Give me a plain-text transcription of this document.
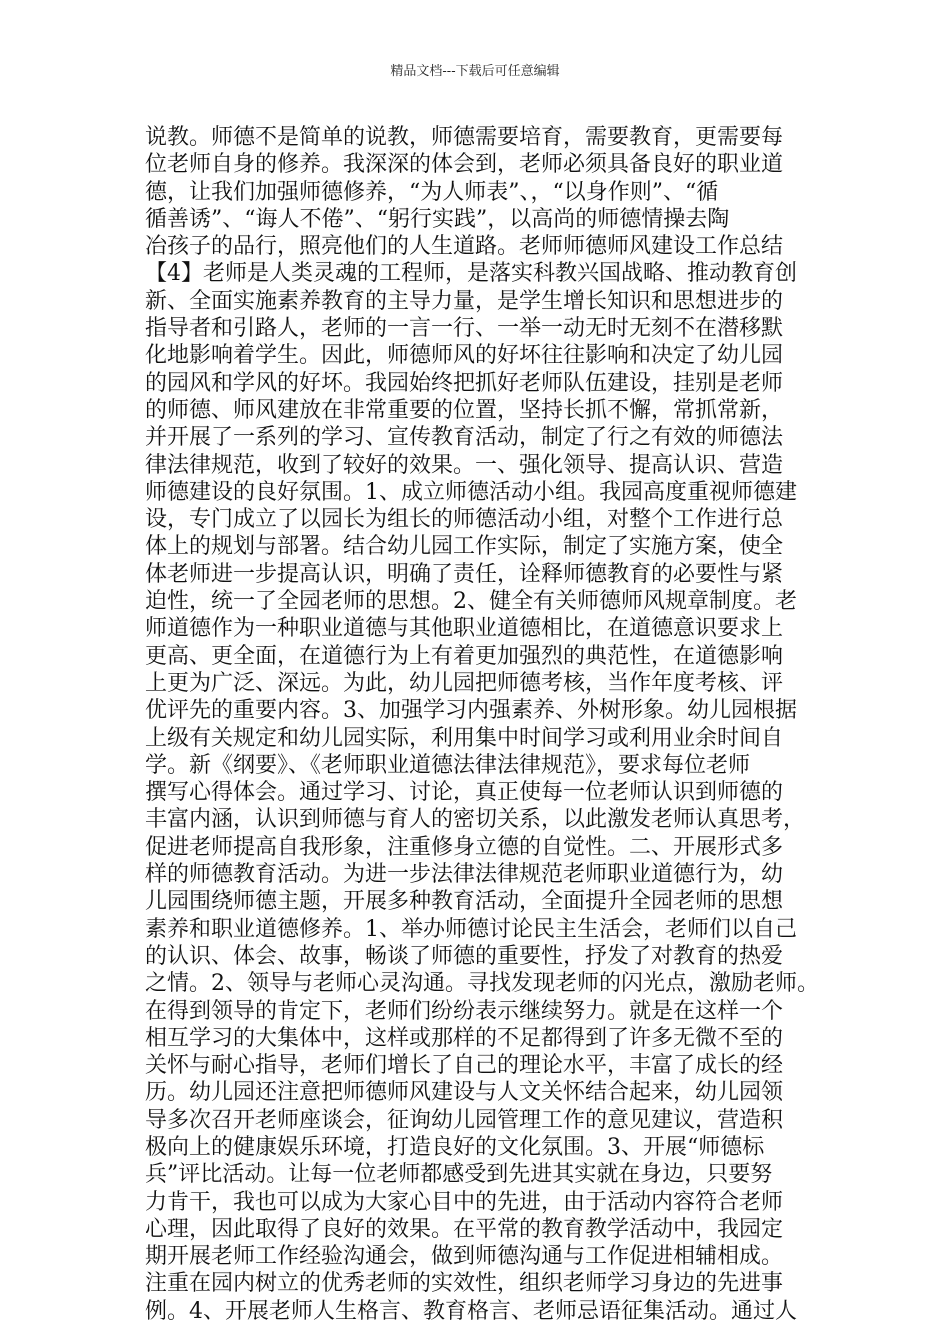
精品文档---下载后可任意编辑
说教。师德不是简单的说教，师德需要培育，需要教育，更需要每
位老师自身的修养。我深深的体会到，老师必须具备良好的职业道
德，让我们加强师德修养，“为人师表”、，“以身作则”、“循
循善诱”、“诲人不倦”、“躬行实践”，以高尚的师德情操去陶
冶孩子的品行，照亮他们的人生道路。老师师德师风建设工作总结
【4】老师是人类灵魂的工程师，是落实科教兴国战略、推动教育创
新、全面实施素养教育的主导力量，是学生增长知识和思想进步的
指导者和引路人，老师的一言一行、一举一动无时无刻不在潜移默
化地影响着学生。因此，师德师风的好坏往往影响和决定了幼儿园
的园风和学风的好坏。我园始终把抓好老师队伍建设，挂别是老师
的师德、师风建放在非常重要的位置，坚持长抓不懈，常抓常新，
并开展了一系列的学习、宣传教育活动，制定了行之有效的师德法
律法律规范，收到了较好的效果。一、强化领导、提高认识、营造
师德建设的良好氛围。1、成立师德活动小组。我园高度重视师德建
设，专门成立了以园长为组长的师德活动小组，对整个工作进行总
体上的规划与部署。结合幼儿园工作实际，制定了实施方案，使全
体老师进一步提高认识，明确了责任，诠释师德教育的必要性与紧
迫性，统一了全园老师的思想。2、健全有关师德师风规章制度。老
师道德作为一种职业道德与其他职业道德相比，在道德意识要求上
更高、更全面，在道德行为上有着更加强烈的典范性，在道德影响
上更为广泛、深远。为此，幼儿园把师德考核，当作年度考核、评
优评先的重要内容。3、加强学习内强素养、外树形象。幼儿园根据
上级有关规定和幼儿园实际，利用集中时间学习或利用业余时间自
学。新《纲要》、《老师职业道德法律法律规范》，要求每位老师
撰写心得体会。通过学习、讨论，真正使每一位老师认识到师德的
丰富内涵，认识到师德与育人的密切关系，以此激发老师认真思考，
促进老师提高自我形象，注重修身立德的自觉性。二、开展形式多
样的师德教育活动。为进一步法律法律规范老师职业道德行为，幼
儿园围绕师德主题，开展多种教育活动，全面提升全园老师的思想
素养和职业道德修养。1、举办师德讨论民主生活会，老师们以自己
的认识、体会、故事，畅谈了师德的重要性，抒发了对教育的热爱
之情。2、领导与老师心灵沟通。寻找发现老师的闪光点，激励老师。
在得到领导的肯定下，老师们纷纷表示继续努力。就是在这样一个
相互学习的大集体中，这样或那样的不足都得到了许多无微不至的
关怀与耐心指导，老师们增长了自己的理论水平，丰富了成长的经
历。幼儿园还注意把师德师风建设与人文关怀结合起来，幼儿园领
导多次召开老师座谈会，征询幼儿园管理工作的意见建议，营造积
极向上的健康娱乐环境，打造良好的文化氛围。3、开展“师德标
兵”评比活动。让每一位老师都感受到先进其实就在身边，只要努
力肯干，我也可以成为大家心目中的先进，由于活动内容符合老师
心理，因此取得了良好的效果。在平常的教育教学活动中，我园定
期开展老师工作经验沟通会，做到师德沟通与工作促进相辅相成。
注重在园内树立的优秀老师的实效性，组织老师学习身边的先进事
例。4、开展老师人生格言、教育格言、老师忌语征集活动。通过人
